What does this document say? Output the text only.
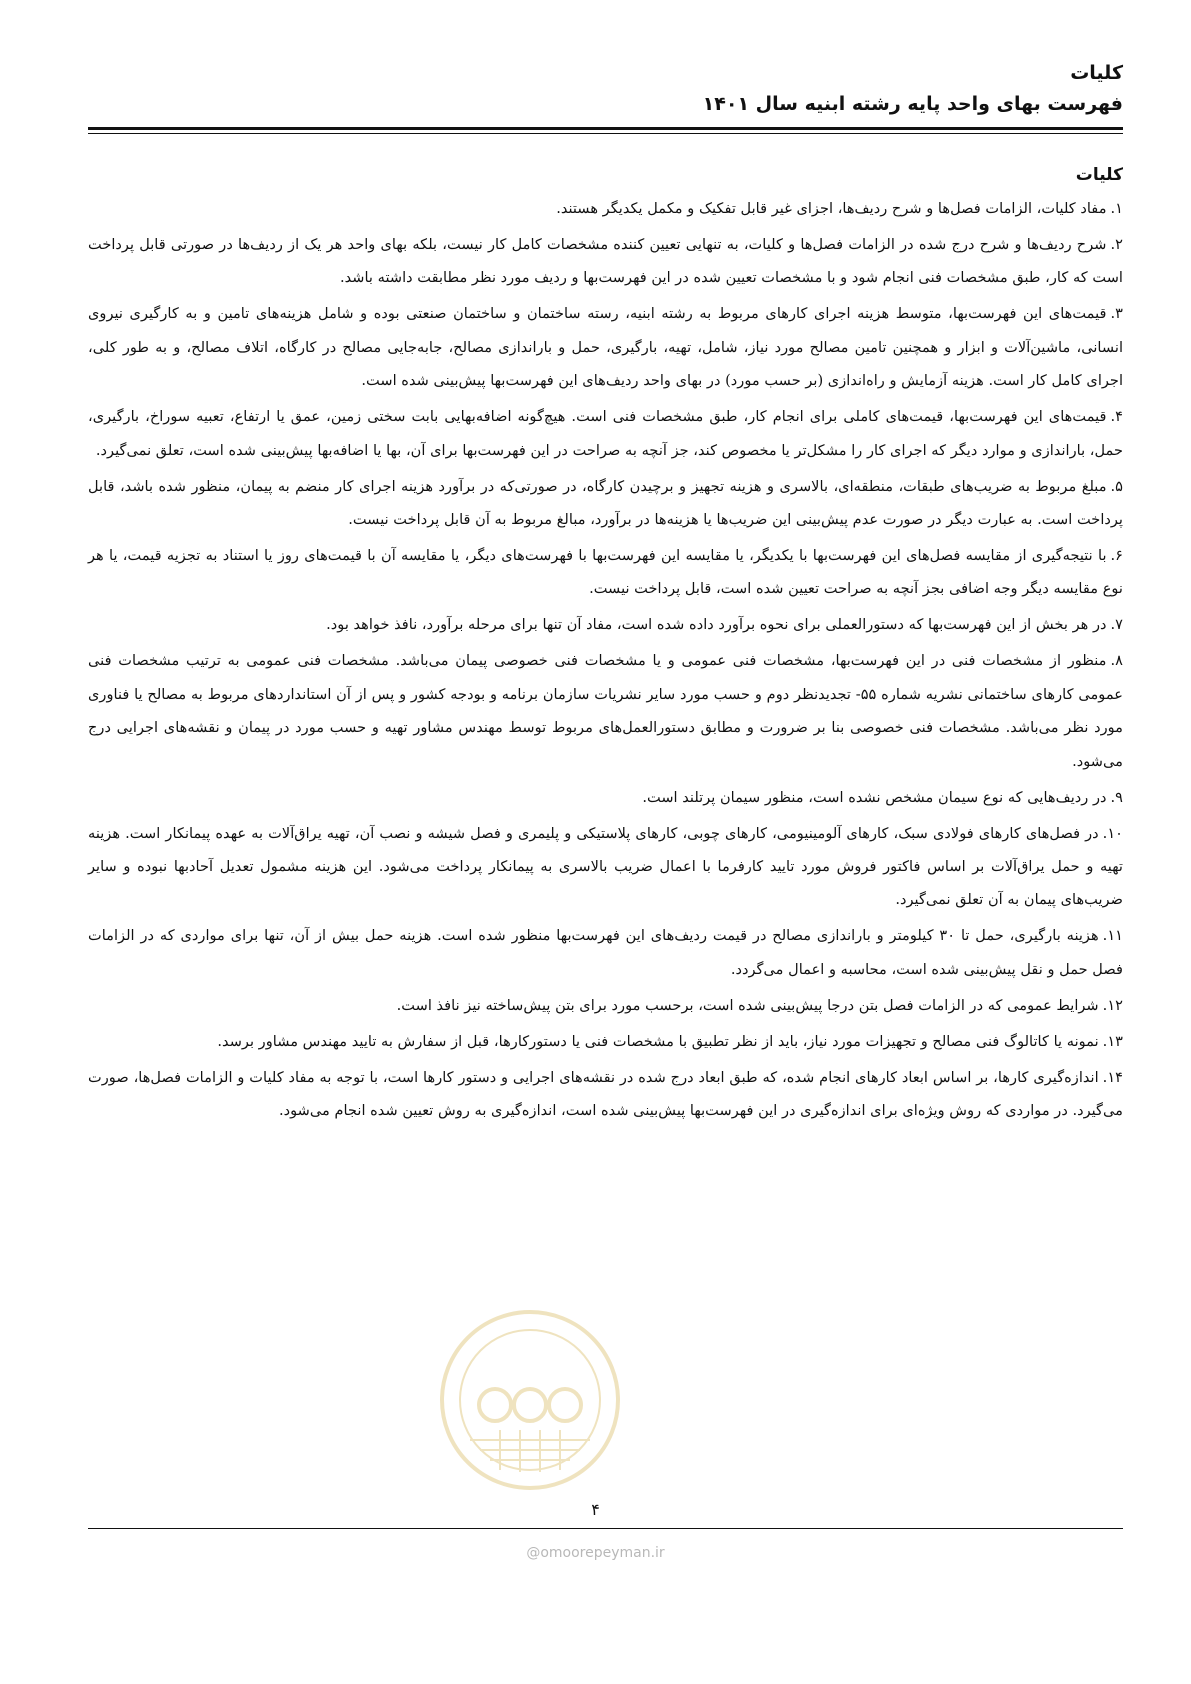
کلیات
فهرست بهای واحد پایه رشته ابنیه سال ۱۴۰۱
کلیات

۱.مفاد کلیات، الزامات فصل‌ها و شرح ردیف‌ها، اجزای غیر قابل تفکیک و مکمل یکدیگر هستند.

۲.شرح ردیف‌ها و شرح درج شده در الزامات فصل‌ها و کلیات، به تنهایی تعیین کننده مشخصات کامل کار نیست، بلکه بهای واحد هر یک از ردیف‌ها در صورتی قابل پرداخت است که کار، طبق مشخصات فنی انجام شود و با مشخصات تعیین شده در این فهرست‌بها و ردیف مورد نظر مطابقت داشته باشد.

۳.قیمت‌های این فهرست‌بها، متوسط هزینه اجرای کارهای مربوط به رشته ابنیه، رسته ساختمان و ساختمان صنعتی بوده و شامل هزینه‌های تامین و به کارگیری نیروی انسانی، ماشین‌آلات و ابزار و همچنین تامین مصالح مورد نیاز، شامل، تهیه، بارگیری، حمل و باراندازی مصالح، جابه‌جایی مصالح در کارگاه، اتلاف مصالح، و به طور کلی، اجرای کامل کار است. هزینه آزمایش و راه‌اندازی (بر حسب مورد) در بهای واحد ردیف‌های این فهرست‌بها پیش‌بینی شده است.

۴.قیمت‌های این فهرست‌بها، قیمت‌های کاملی برای انجام کار، طبق مشخصات فنی است. هیچ‌گونه اضافه‌بهایی بابت سختی زمین، عمق یا ارتفاع، تعبیه سوراخ، بارگیری، حمل، باراندازی و موارد دیگر که اجرای کار را مشکل‌تر یا مخصوص کند، جز آنچه به صراحت در این فهرست‌بها برای آن، بها یا اضافه‌بها پیش‌بینی شده است، تعلق نمی‌گیرد.

۵.مبلغ مربوط به ضریب‌های طبقات، منطقه‌ای، بالاسری و هزینه تجهیز و برچیدن کارگاه، در صورتی‌که در برآورد هزینه اجرای کار منضم به پیمان، منظور شده باشد، قابل پرداخت است. به عبارت دیگر در صورت عدم پیش‌بینی این ضریب‌ها یا هزینه‌ها در برآورد، مبالغ مربوط به آن قابل پرداخت نیست.

۶.با نتیجه‌گیری از مقایسه فصل‌های این فهرست‌بها با یکدیگر، یا مقایسه این فهرست‌بها با فهرست‌های دیگر، یا مقایسه آن با قیمت‌های روز یا استناد به تجزیه قیمت، یا هر نوع مقایسه دیگر وجه اضافی بجز آنچه به صراحت تعیین شده است، قابل پرداخت نیست.

۷.در هر بخش از این فهرست‌بها که دستورالعملی برای نحوه برآورد داده شده است، مفاد آن تنها برای مرحله برآورد، نافذ خواهد بود.

۸.منظور از مشخصات فنی در این فهرست‌بها، مشخصات فنی عمومی و یا مشخصات فنی خصوصی پیمان می‌باشد. مشخصات فنی عمومی به ترتیب مشخصات فنی عمومی کارهای ساختمانی نشریه شماره ۵۵- تجدیدنظر دوم و حسب مورد سایر نشریات سازمان برنامه و بودجه کشور و پس از آن استانداردهای مربوط به مصالح یا فناوری مورد نظر می‌باشد. مشخصات فنی خصوصی بنا بر ضرورت و مطابق دستورالعمل‌های مربوط توسط مهندس مشاور تهیه و حسب مورد در پیمان و نقشه‌های اجرایی درج می‌شود.

۹.در ردیف‌هایی که نوع سیمان مشخص نشده است، منظور سیمان پرتلند است.

۱۰.در فصل‌های کارهای فولادی سبک، کارهای آلومینیومی، کارهای چوبی، کارهای پلاستیکی و پلیمری و فصل شیشه و نصب آن، تهیه یراق‌آلات به عهده پیمانکار است. هزینه تهیه و حمل یراق‌آلات بر اساس فاکتور فروش مورد تایید کارفرما با اعمال ضریب بالاسری به پیمانکار پرداخت می‌شود. این هزینه مشمول تعدیل آحادبها نبوده و سایر ضریب‌های پیمان به آن تعلق نمی‌گیرد.

۱۱.هزینه بارگیری، حمل تا ۳۰ کیلومتر و باراندازی مصالح در قیمت ردیف‌های این فهرست‌بها منظور شده است. هزینه حمل بیش از آن، تنها برای مواردی که در الزامات فصل حمل و نقل پیش‌بینی شده است، محاسبه و اعمال می‌گردد.

۱۲.شرایط عمومی که در الزامات فصل بتن درجا پیش‌بینی شده است، برحسب مورد برای بتن پیش‌ساخته نیز نافذ است.

۱۳.نمونه یا کاتالوگ فنی مصالح و تجهیزات مورد نیاز، باید از نظر تطبیق با مشخصات فنی یا دستورکارها، قبل از سفارش به تایید مهندس مشاور برسد.

۱۴.اندازه‌گیری کارها، بر اساس ابعاد کارهای انجام شده، که طبق ابعاد درج شده در نقشه‌های اجرایی و دستور کارها است، با توجه به مفاد کلیات و الزامات فصل‌ها، صورت می‌گیرد. در مواردی که روش ویژه‌ای برای اندازه‌گیری در این فهرست‌بها پیش‌بینی شده است، اندازه‌گیری به روش تعیین شده انجام می‌شود.

۴
@omoorepeyman.ir
